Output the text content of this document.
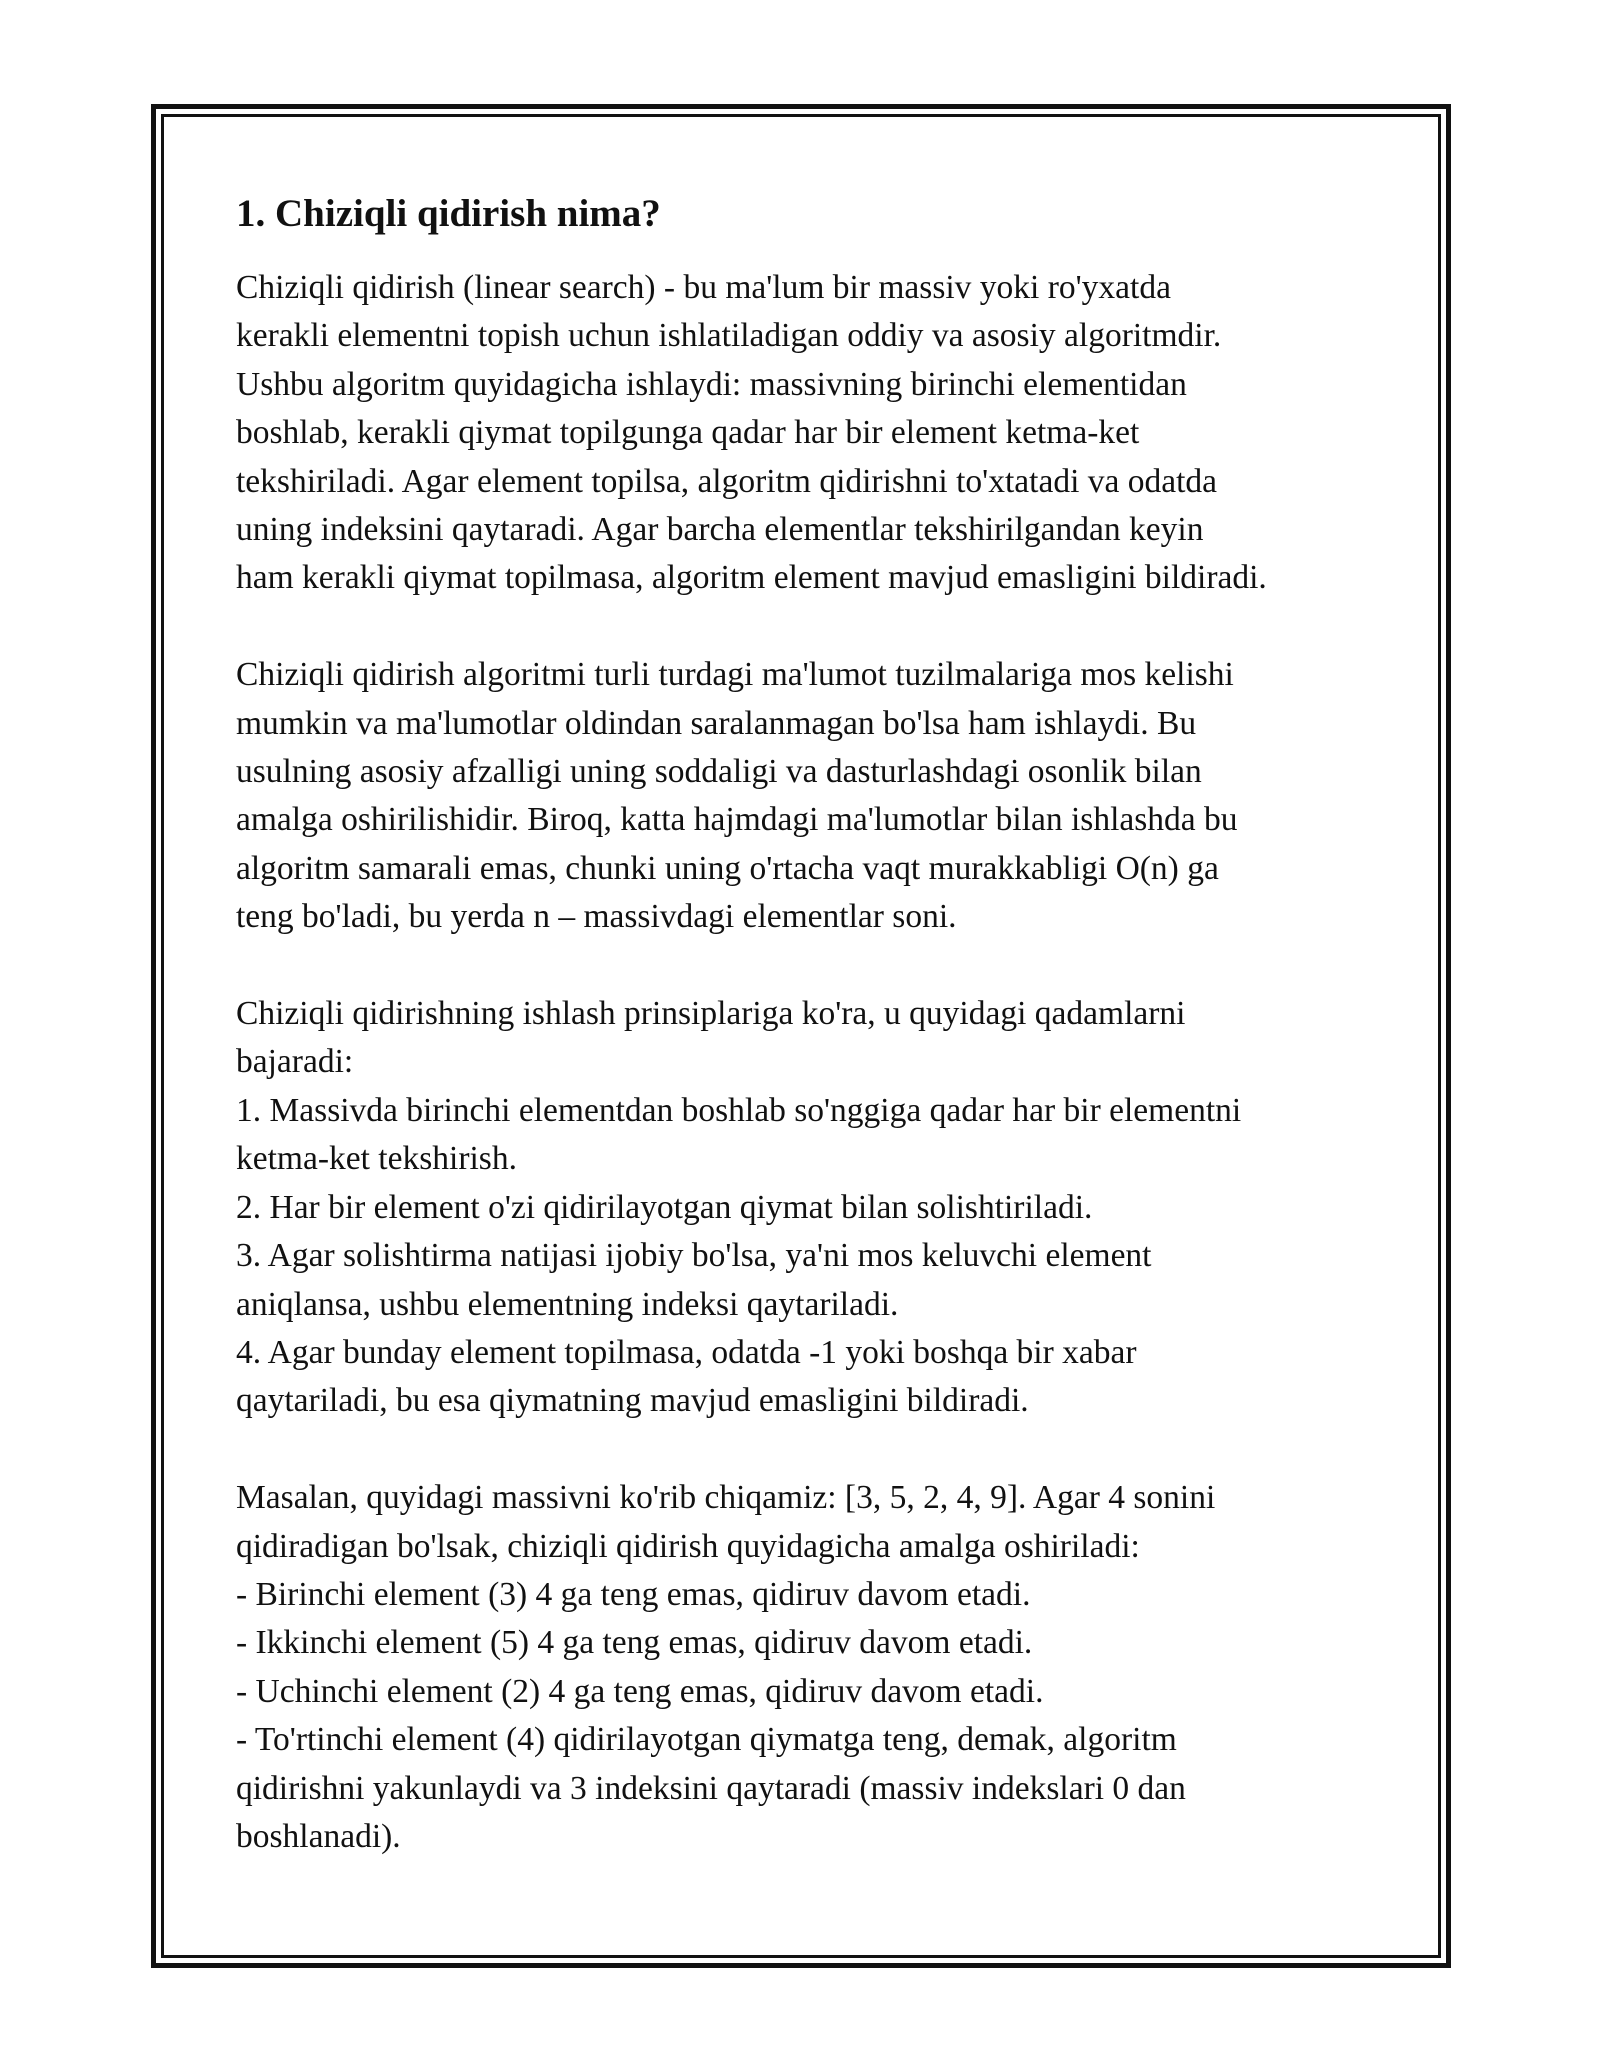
1. Chiziqli qidirish nima?

Chiziqli qidirish (linear search) - bu ma'lum bir massiv yoki ro'yxatda
kerakli elementni topish uchun ishlatiladigan oddiy va asosiy algoritmdir.
Ushbu algoritm quyidagicha ishlaydi: massivning birinchi elementidan
boshlab, kerakli qiymat topilgunga qadar har bir element ketma-ket
tekshiriladi. Agar element topilsa, algoritm qidirishni to'xtatadi va odatda
uning indeksini qaytaradi. Agar barcha elementlar tekshirilgandan keyin
ham kerakli qiymat topilmasa, algoritm element mavjud emasligini bildiradi.

Chiziqli qidirish algoritmi turli turdagi ma'lumot tuzilmalariga mos kelishi
mumkin va ma'lumotlar oldindan saralanmagan bo'lsa ham ishlaydi. Bu
usulning asosiy afzalligi uning soddaligi va dasturlashdagi osonlik bilan
amalga oshirilishidir. Biroq, katta hajmdagi ma'lumotlar bilan ishlashda bu
algoritm samarali emas, chunki uning o'rtacha vaqt murakkabligi O(n) ga
teng bo'ladi, bu yerda n – massivdagi elementlar soni.

Chiziqli qidirishning ishlash prinsiplariga ko'ra, u quyidagi qadamlarni
bajaradi:
1. Massivda birinchi elementdan boshlab so'nggiga qadar har bir elementni
ketma-ket tekshirish.
2. Har bir element o'zi qidirilayotgan qiymat bilan solishtiriladi.
3. Agar solishtirma natijasi ijobiy bo'lsa, ya'ni mos keluvchi element
aniqlansa, ushbu elementning indeksi qaytariladi.
4. Agar bunday element topilmasa, odatda -1 yoki boshqa bir xabar
qaytariladi, bu esa qiymatning mavjud emasligini bildiradi.

Masalan, quyidagi massivni ko'rib chiqamiz: [3, 5, 2, 4, 9]. Agar 4 sonini
qidiradigan bo'lsak, chiziqli qidirish quyidagicha amalga oshiriladi:
- Birinchi element (3) 4 ga teng emas, qidiruv davom etadi.
- Ikkinchi element (5) 4 ga teng emas, qidiruv davom etadi.
- Uchinchi element (2) 4 ga teng emas, qidiruv davom etadi.
- To'rtinchi element (4) qidirilayotgan qiymatga teng, demak, algoritm
qidirishni yakunlaydi va 3 indeksini qaytaradi (massiv indekslari 0 dan
boshlanadi).
